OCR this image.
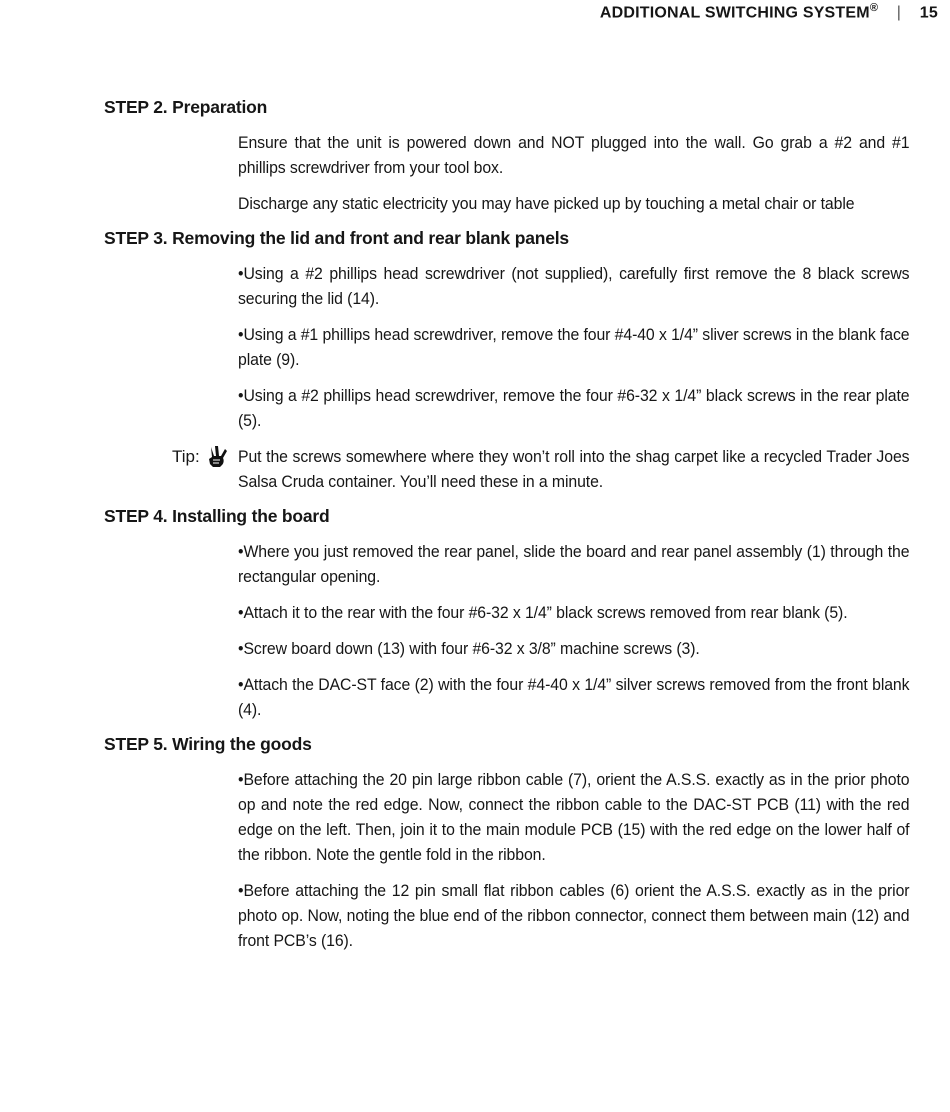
ADDITIONAL SWITCHING SYSTEM® | 15
STEP 2. Preparation

Ensure that the unit is powered down and NOT plugged into the wall. Go grab a #2 and #1 phillips screwdriver from your tool box.

Discharge any static electricity you may have picked up by touching a metal chair or table

STEP 3. Removing the lid and front and rear blank panels

•Using a #2 phillips head screwdriver (not supplied), carefully first remove the 8 black screws securing the lid (14).

•Using a #1 phillips head screwdriver, remove the four #4-40 x 1/4” sliver screws in the blank face plate (9).

•Using a #2 phillips head screwdriver, remove the four #6-32 x 1/4” black screws in the rear plate (5).

Tip: Put the screws somewhere where they won’t roll into the shag carpet like a recycled Trader Joes Salsa Cruda container. You’ll need these in a minute.

STEP 4. Installing the board

•Where you just removed the rear panel, slide the board and rear panel assembly (1) through the rectangular opening.

•Attach it to the rear with the four #6-32 x 1/4” black screws removed from rear blank (5).

•Screw board down (13) with four #6-32 x 3/8” machine screws (3).

•Attach the DAC-ST face (2) with the four #4-40 x 1/4” silver screws removed from the front blank (4).

STEP 5. Wiring the goods

•Before attaching the 20 pin large ribbon cable (7), orient the A.S.S. exactly as in the prior photo op and note the red edge. Now, connect the ribbon cable to the DAC-ST PCB (11) with the red edge on the left. Then, join it to the main module PCB (15) with the red edge on the lower half of the ribbon. Note the gentle fold in the ribbon.

•Before attaching the 12 pin small flat ribbon cables (6) orient the A.S.S. exactly as in the prior photo op. Now, noting the blue end of the ribbon connector, connect them between main (12) and front PCB’s (16).
